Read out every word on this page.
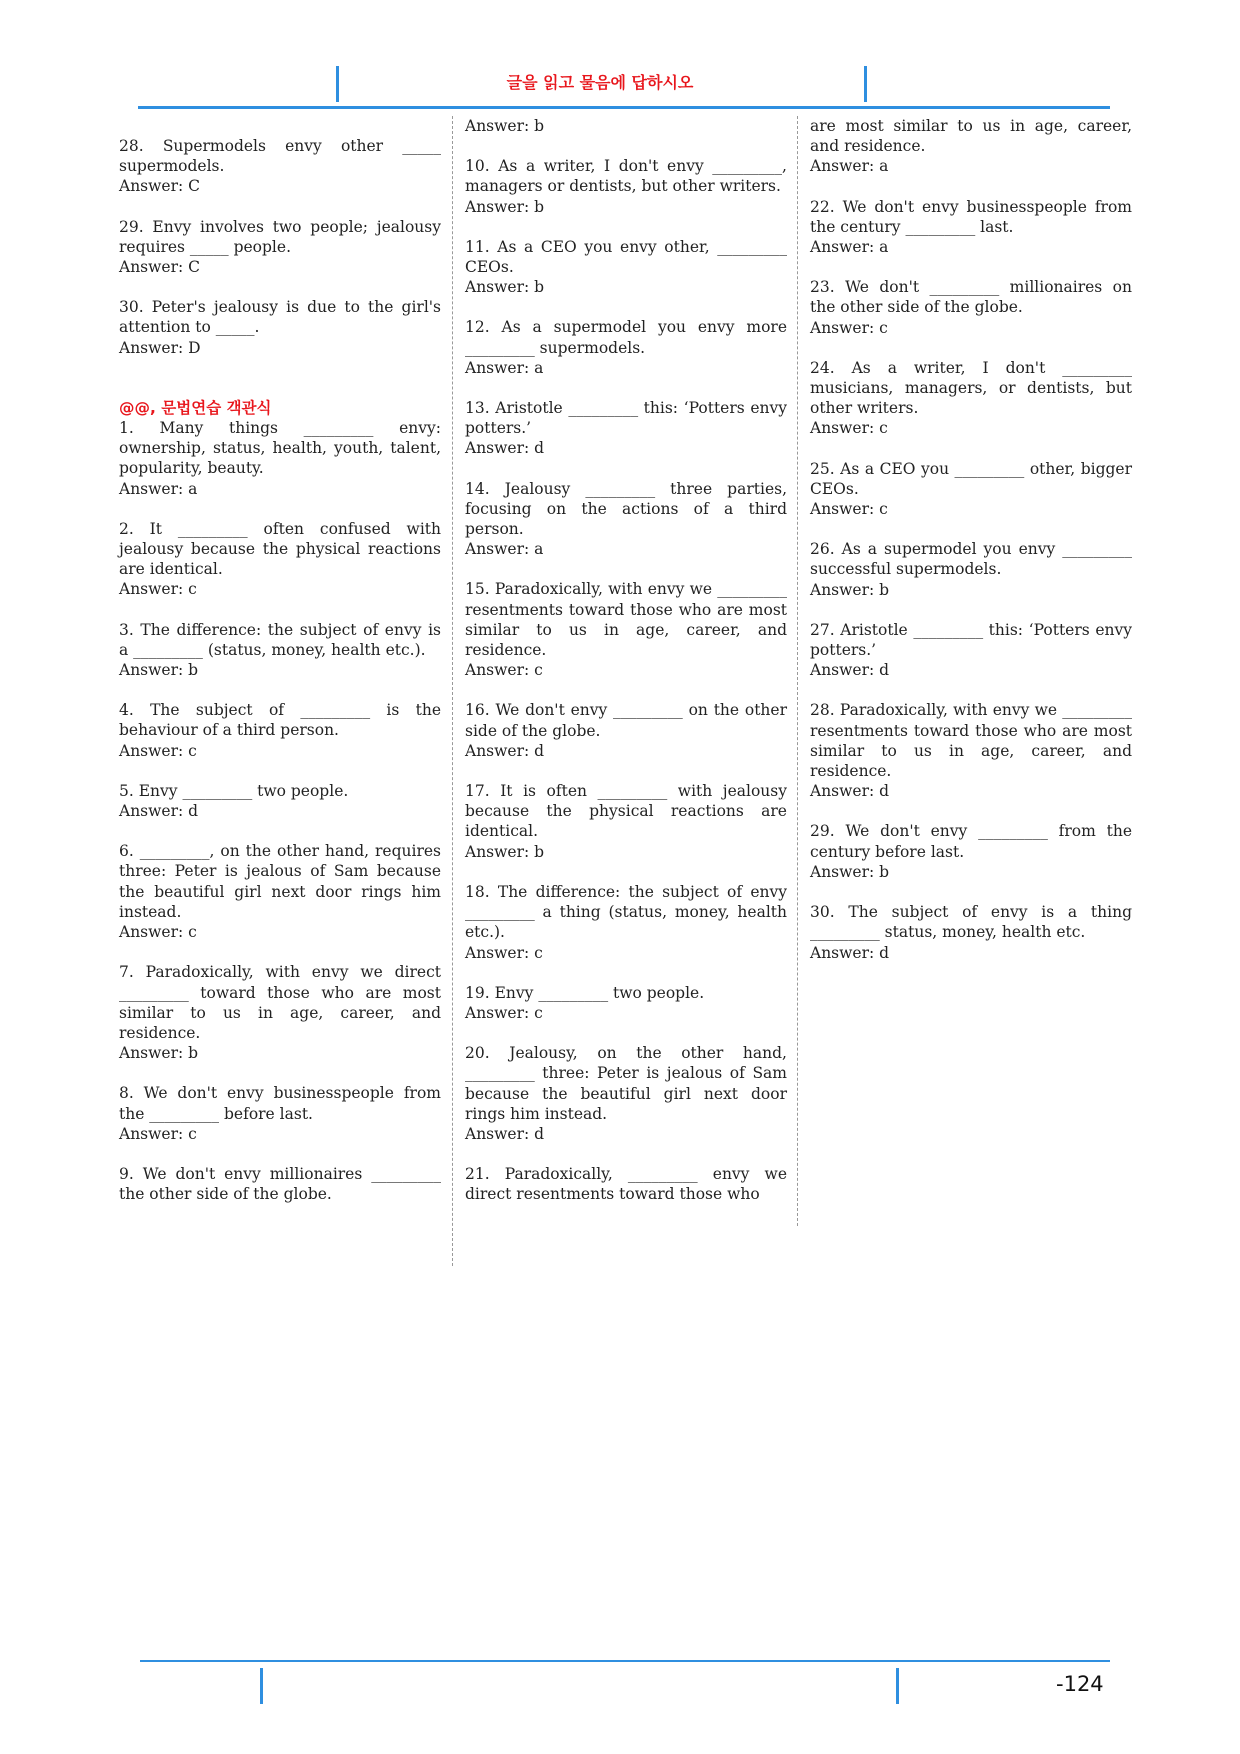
글을 읽고 물음에 답하시오

28. Supermodels envy other _____ supermodels.

Answer: C

29. Envy involves two people; jealousy requires _____ people.

Answer: C

30. Peter's jealousy is due to the girl's attention to _____.

Answer: D

@@, 문법연습 객관식

1. Many things _________ envy: ownership, status, health, youth, talent, popularity, beauty.

Answer: a

2. It _________ often confused with jealousy because the physical reactions are identical.

Answer: c

3. The difference: the subject of envy is a _________ (status, money, health etc.).

Answer: b

4. The subject of _________ is the behaviour of a third person.

Answer: c

5. Envy _________ two people.

Answer: d

6. _________, on the other hand, requires three: Peter is jealous of Sam because the beautiful girl next door rings him instead.

Answer: c

7. Paradoxically, with envy we direct _________ toward those who are most similar to us in age, career, and residence.

Answer: b

8. We don't envy businesspeople from the _________ before last.

Answer: c

9. We don't envy millionaires _________ the other side of the globe.

Answer: b

10. As a writer, I don't envy _________, managers or dentists, but other writers.

Answer: b

11. As a CEO you envy other, _________ CEOs.

Answer: b

12. As a supermodel you envy more _________ supermodels.

Answer: a

13. Aristotle _________ this: ‘Potters envy potters.’

Answer: d

14. Jealousy _________ three parties, focusing on the actions of a third person.

Answer: a

15. Paradoxically, with envy we _________ resentments toward those who are most similar to us in age, career, and residence.

Answer: c

16. We don't envy _________ on the other side of the globe.

Answer: d

17. It is often _________ with jealousy because the physical reactions are identical.

Answer: b

18. The difference: the subject of envy _________ a thing (status, money, health etc.).

Answer: c

19. Envy _________ two people.

Answer: c

20. Jealousy, on the other hand, _________ three: Peter is jealous of Sam because the beautiful girl next door rings him instead.

Answer: d

21. Paradoxically, _________ envy we direct resentments toward those who

are most similar to us in age, career, and residence.

Answer: a

22. We don't envy businesspeople from the century _________ last.

Answer: a

23. We don't _________ millionaires on the other side of the globe.

Answer: c

24. As a writer, I don't _________ musicians, managers, or dentists, but other writers.

Answer: c

25. As a CEO you _________ other, bigger CEOs.

Answer: c

26. As a supermodel you envy _________ successful supermodels.

Answer: b

27. Aristotle _________ this: ‘Potters envy potters.’

Answer: d

28. Paradoxically, with envy we _________ resentments toward those who are most similar to us in age, career, and residence.

Answer: d

29. We don't envy _________ from the century before last.

Answer: b

30. The subject of envy is a thing _________ status, money, health etc.

Answer: d

-124
